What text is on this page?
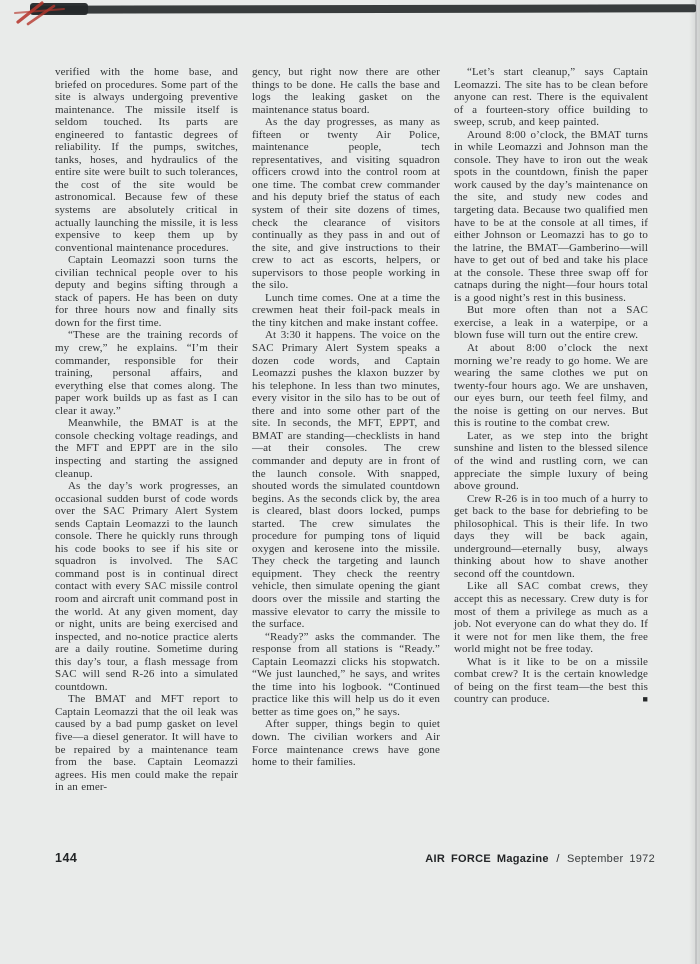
verified with the home base, and briefed on procedures. Some part of the site is always undergoing preventive maintenance. The missile itself is seldom touched. Its parts are engineered to fantastic degrees of reliability. If the pumps, switches, tanks, hoses, and hydraulics of the entire site were built to such tolerances, the cost of the site would be astronomical. Because few of these systems are absolutely critical in actually launching the missile, it is less expensive to keep them up by conventional maintenance procedures.

Captain Leomazzi soon turns the civilian technical people over to his deputy and begins sifting through a stack of papers. He has been on duty for three hours now and finally sits down for the first time.

“These are the training records of my crew,” he explains. “I’m their commander, responsible for their training, personal affairs, and everything else that comes along. The paper work builds up as fast as I can clear it away.”

Meanwhile, the BMAT is at the console checking voltage readings, and the MFT and EPPT are in the silo inspecting and starting the assigned cleanup.

As the day’s work progresses, an occasional sudden burst of code words over the SAC Primary Alert System sends Captain Leomazzi to the launch console. There he quickly runs through his code books to see if his site or squadron is involved. The SAC command post is in continual direct contact with every SAC missile control room and aircraft unit command post in the world. At any given moment, day or night, units are being exercised and inspected, and no-notice practice alerts are a daily routine. Sometime during this day’s tour, a flash message from SAC will send R-26 into a simulated countdown.

The BMAT and MFT report to Captain Leomazzi that the oil leak was caused by a bad pump gasket on level five—a diesel generator. It will have to be repaired by a maintenance team from the base. Captain Leomazzi agrees. His men could make the repair in an emer-

gency, but right now there are other things to be done. He calls the base and logs the leaking gasket on the maintenance status board.

As the day progresses, as many as fifteen or twenty Air Police, maintenance people, tech representatives, and visiting squadron officers crowd into the control room at one time. The combat crew commander and his deputy brief the status of each system of their site dozens of times, check the clearance of visitors continually as they pass in and out of the site, and give instructions to their crew to act as escorts, helpers, or supervisors to those people working in the silo.

Lunch time comes. One at a time the crewmen heat their foil-pack meals in the tiny kitchen and make instant coffee.

At 3:30 it happens. The voice on the SAC Primary Alert System speaks a dozen code words, and Captain Leomazzi pushes the klaxon buzzer by his telephone. In less than two minutes, every visitor in the silo has to be out of there and into some other part of the site. In seconds, the MFT, EPPT, and BMAT are standing—checklists in hand—at their consoles. The crew commander and deputy are in front of the launch console. With snapped, shouted words the simulated countdown begins. As the seconds click by, the area is cleared, blast doors locked, pumps started. The crew simulates the procedure for pumping tons of liquid oxygen and kerosene into the missile. They check the targeting and launch equipment. They check the reentry vehicle, then simulate opening the giant doors over the missile and starting the massive elevator to carry the missile to the surface.

“Ready?” asks the commander. The response from all stations is “Ready.” Captain Leomazzi clicks his stopwatch. “We just launched,” he says, and writes the time into his logbook. “Continued practice like this will help us do it even better as time goes on,” he says.

After supper, things begin to quiet down. The civilian workers and Air Force maintenance crews have gone home to their families.

“Let’s start cleanup,” says Captain Leomazzi. The site has to be clean before anyone can rest. There is the equivalent of a fourteen-story office building to sweep, scrub, and keep painted.

Around 8:00 o’clock, the BMAT turns in while Leomazzi and Johnson man the console. They have to iron out the weak spots in the countdown, finish the paper work caused by the day’s maintenance on the site, and study new codes and targeting data. Because two qualified men have to be at the console at all times, if either Johnson or Leomazzi has to go to the latrine, the BMAT—Gamberino—will have to get out of bed and take his place at the console. These three swap off for catnaps during the night—four hours total is a good night’s rest in this business.

But more often than not a SAC exercise, a leak in a waterpipe, or a blown fuse will turn out the entire crew.

At about 8:00 o’clock the next morning we’re ready to go home. We are wearing the same clothes we put on twenty-four hours ago. We are unshaven, our eyes burn, our teeth feel filmy, and the noise is getting on our nerves. But this is routine to the combat crew.

Later, as we step into the bright sunshine and listen to the blessed silence of the wind and rustling corn, we can appreciate the simple luxury of being above ground.

Crew R-26 is in too much of a hurry to get back to the base for debriefing to be philosophical. This is their life. In two days they will be back again, underground—eternally busy, always thinking about how to shave another second off the countdown.

Like all SAC combat crews, they accept this as necessary. Crew duty is for most of them a privilege as much as a job. Not everyone can do what they do. If it were not for men like them, the free world might not be free today.

What is it like to be on a missile combat crew? It is the certain knowledge of being on the first team—the best this country can produce.	■

144	AIR FORCE Magazine / September 1972
